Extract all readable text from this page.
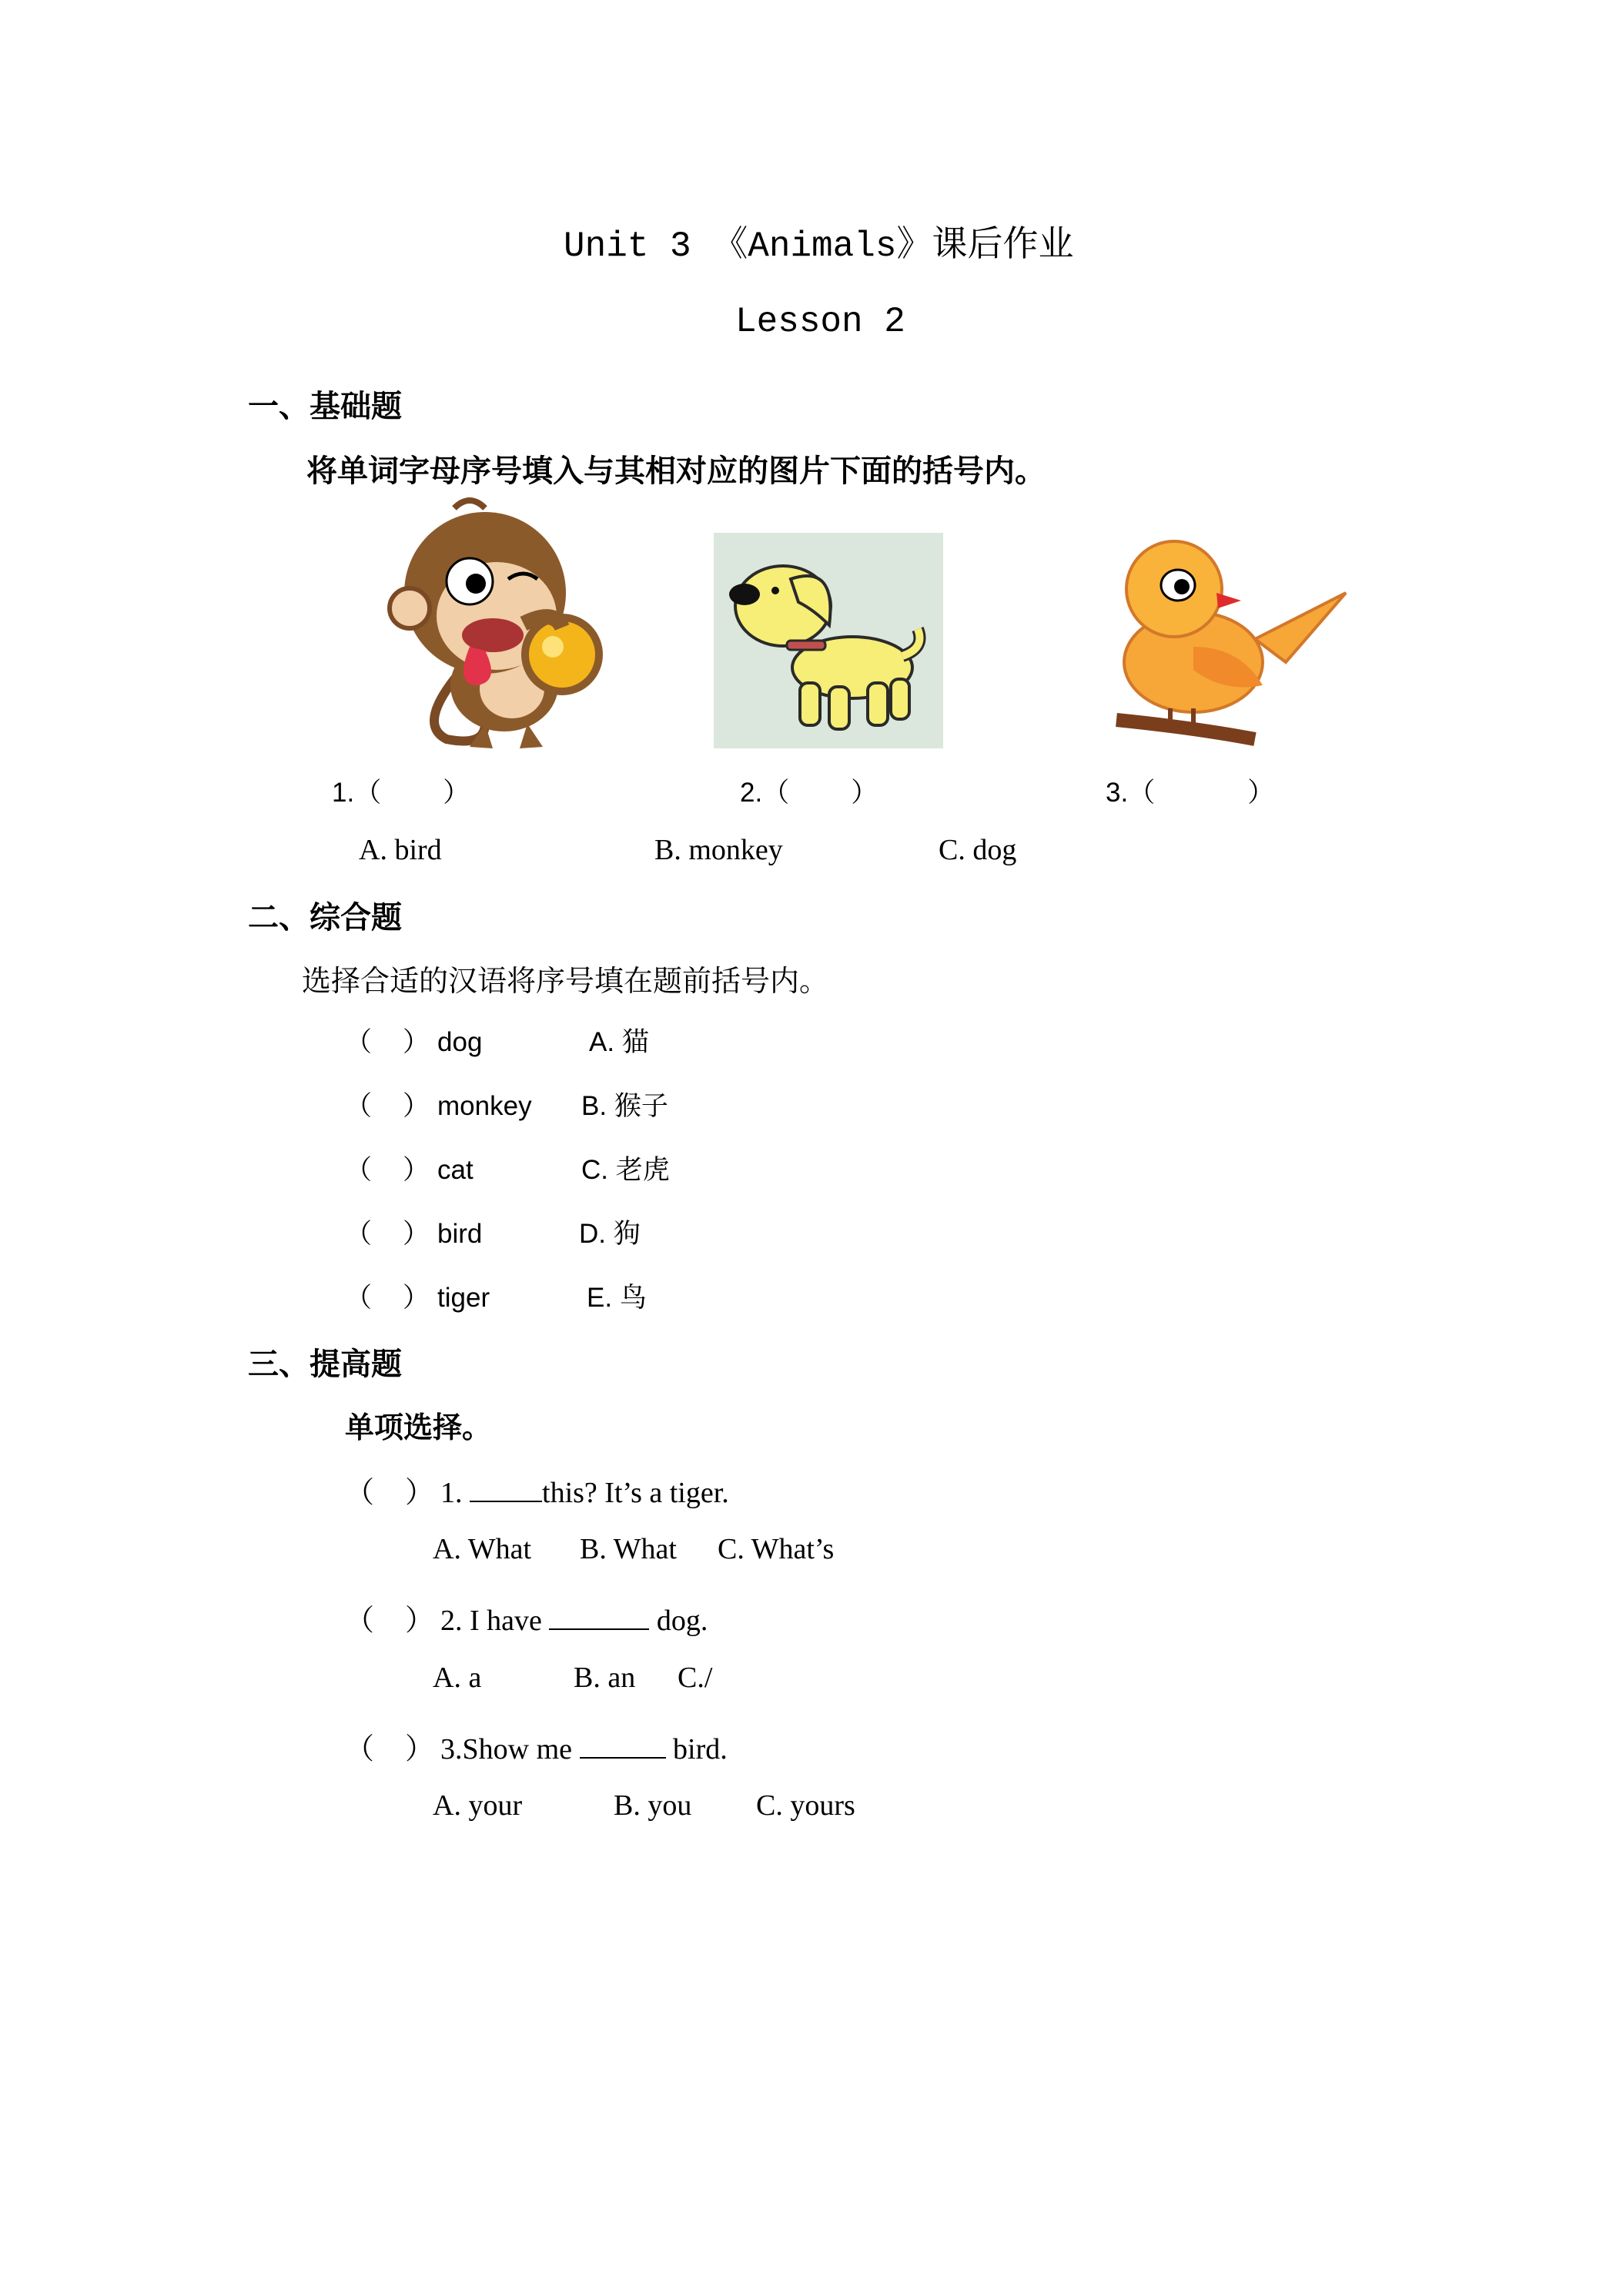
Unit 3 《Animals》课后作业
Lesson 2
一、基础题
将单词字母序号填入与其相对应的图片下面的括号内。
1.（ ）	2.（ ）	3.（	）
A. bird	B. monkey	C. dog
二、综合题
选择合适的汉语将序号填在题前括号内。
（ ） dog	A. 猫
（ ） monkey B. 猴子
（ ） cat	C. 老虎
（ ） bird	D. 狗
（ ） tiger	E. 鸟
三、提高题
单项选择。
（ ） 1. this? It’s a tiger.
A. What B. What C. What’s
（ ） 2. I have	dog.
A. a	B. an C./
（ ） 3.Show me	bird.
A. your	B. you C. yours
